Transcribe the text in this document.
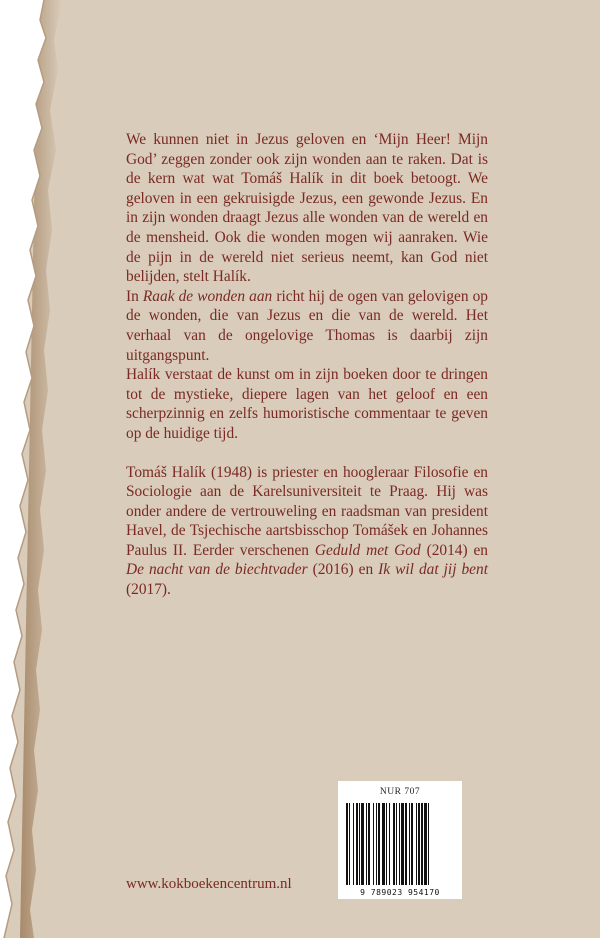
We kunnen niet in Jezus geloven en ‘Mijn Heer! Mijn God’ zeggen zonder ook zijn wonden aan te raken. Dat is de kern wat wat Tomáš Halík in dit boek betoogt. We geloven in een gekruisigde Jezus, een gewonde Jezus. En in zijn wonden draagt Jezus alle wonden van de wereld en de mensheid. Ook die wonden mogen wij aanraken. Wie de pijn in de wereld niet serieus neemt, kan God niet belijden, stelt Halík.

In Raak de wonden aan richt hij de ogen van gelovigen op de wonden, die van Jezus en die van de wereld. Het verhaal van de ongelovige Thomas is daarbij zijn uitgangspunt.

Halík verstaat de kunst om in zijn boeken door te dringen tot de mystieke, diepere lagen van het geloof en een scherpzinnig en zelfs humoristische commentaar te geven op de huidige tijd.

Tomáš Halík (1948) is priester en hoogleraar Filosofie en Sociologie aan de Karelsuniversiteit te Praag. Hij was onder andere de vertrouweling en raadsman van president Havel, de Tsjechische aartsbisschop Tomášek en Johannes Paulus II. Eerder verschenen Geduld met God (2014) en De nacht van de biechtvader (2016) en Ik wil dat jij bent (2017).

www.kokboekencentrum.nl
NUR 707
9 789023 954170
